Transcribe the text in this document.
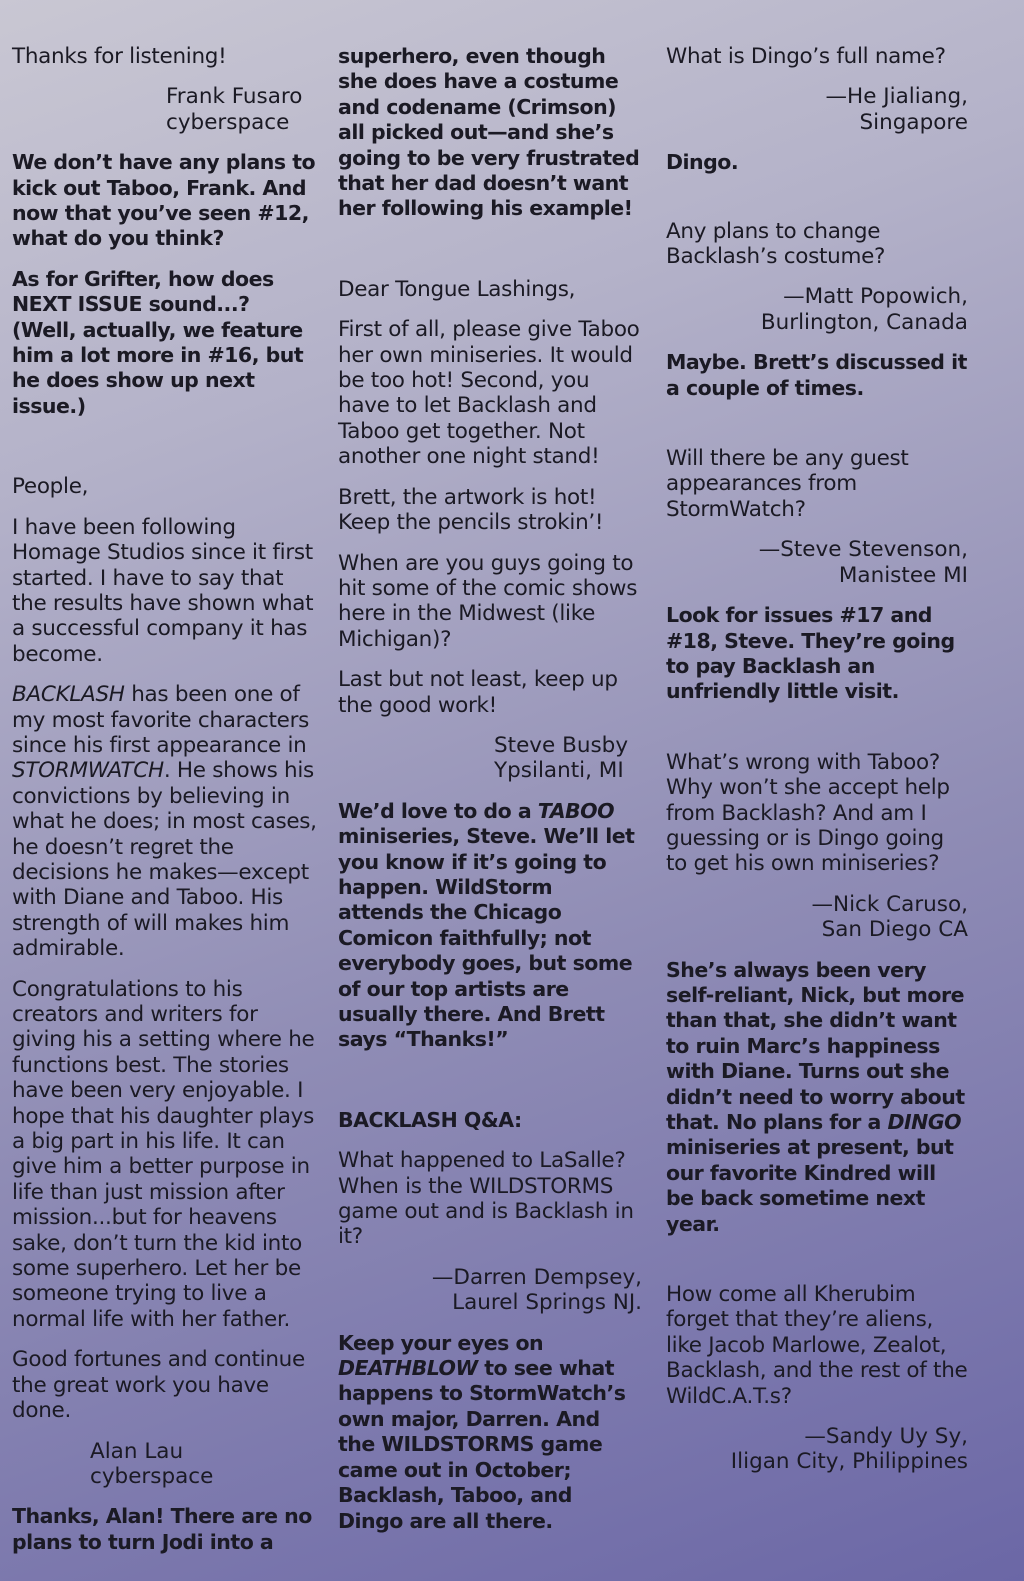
Thanks for listening!

Frank Fusaro
cyberspace

We don’t have any plans to kick out Taboo, Frank. And now that you’ve seen #12, what do you think?

As for Grifter, how does NEXT ISSUE sound...? (Well, actually, we feature him a lot more in #16, but he does show up next issue.)

People,

I have been following Homage Studios since it first started. I have to say that the results have shown what a successful company it has become.

BACKLASH has been one of my most favorite characters since his first appearance in STORMWATCH. He shows his convictions by believing in what he does; in most cases, he doesn’t regret the decisions he makes—except with Diane and Taboo. His strength of will makes him admirable.

Congratulations to his creators and writers for giving his a setting where he functions best. The stories have been very enjoyable. I hope that his daughter plays a big part in his life. It can give him a better purpose in life than just mission after mission...but for heavens sake, don’t turn the kid into some superhero. Let her be someone trying to live a normal life with her father.

Good fortunes and continue the great work you have done.

Alan Lau
cyberspace

Thanks, Alan! There are no plans to turn Jodi into a

superhero, even though she does have a costume and codename (Crimson) all picked out—and she’s going to be very frustrated that her dad doesn’t want her following his example!

Dear Tongue Lashings,

First of all, please give Taboo her own miniseries. It would be too hot! Second, you have to let Backlash and Taboo get together. Not another one night stand!

Brett, the artwork is hot! Keep the pencils strokin’!

When are you guys going to hit some of the comic shows here in the Midwest (like Michigan)?

Last but not least, keep up the good work!

Steve Busby
Ypsilanti, MI

We’d love to do a TABOO miniseries, Steve. We’ll let you know if it’s going to happen. WildStorm attends the Chicago Comicon faithfully; not everybody goes, but some of our top artists are usually there. And Brett says “Thanks!”

BACKLASH Q&A:

What happened to LaSalle? When is the WILDSTORMS game out and is Backlash in it?

—Darren Dempsey,
Laurel Springs NJ.

Keep your eyes on DEATHBLOW to see what happens to StormWatch’s own major, Darren. And the WILDSTORMS game came out in October; Backlash, Taboo, and Dingo are all there.

What is Dingo’s full name?

—He Jialiang,
Singapore

Dingo.

Any plans to change Backlash’s costume?

—Matt Popowich,
Burlington, Canada

Maybe. Brett’s discussed it a couple of times.

Will there be any guest appearances from StormWatch?

—Steve Stevenson,
Manistee MI

Look for issues #17 and #18, Steve. They’re going to pay Backlash an unfriendly little visit.

What’s wrong with Taboo? Why won’t she accept help from Backlash? And am I guessing or is Dingo going to get his own miniseries?

—Nick Caruso,
San Diego CA

She’s always been very self-reliant, Nick, but more than that, she didn’t want to ruin Marc’s happiness with Diane. Turns out she didn’t need to worry about that. No plans for a DINGO miniseries at present, but our favorite Kindred will be back sometime next year.

How come all Kherubim forget that they’re aliens, like Jacob Marlowe, Zealot, Backlash, and the rest of the WildC.A.T.s?

—Sandy Uy Sy,
Iligan City, Philippines
